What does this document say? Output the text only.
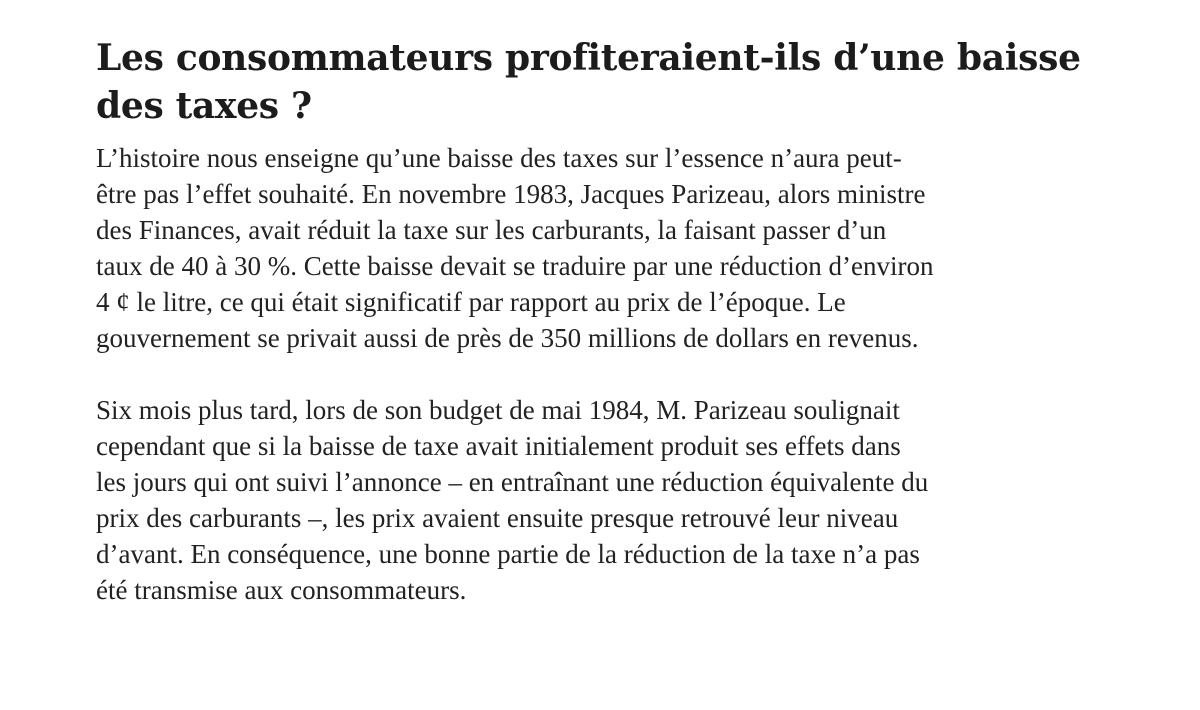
Les consommateurs profiteraient-ils d’une baisse
des taxes ?

L’histoire nous enseigne qu’une baisse des taxes sur l’essence n’aura peut-
être pas l’effet souhaité. En novembre 1983, Jacques Parizeau, alors ministre
des Finances, avait réduit la taxe sur les carburants, la faisant passer d’un
taux de 40 à 30 %. Cette baisse devait se traduire par une réduction d’environ
4 ¢ le litre, ce qui était significatif par rapport au prix de l’époque. Le
gouvernement se privait aussi de près de 350 millions de dollars en revenus.

Six mois plus tard, lors de son budget de mai 1984, M. Parizeau soulignait
cependant que si la baisse de taxe avait initialement produit ses effets dans
les jours qui ont suivi l’annonce – en entraînant une réduction équivalente du
prix des carburants –, les prix avaient ensuite presque retrouvé leur niveau
d’avant. En conséquence, une bonne partie de la réduction de la taxe n’a pas
été transmise aux consommateurs.
